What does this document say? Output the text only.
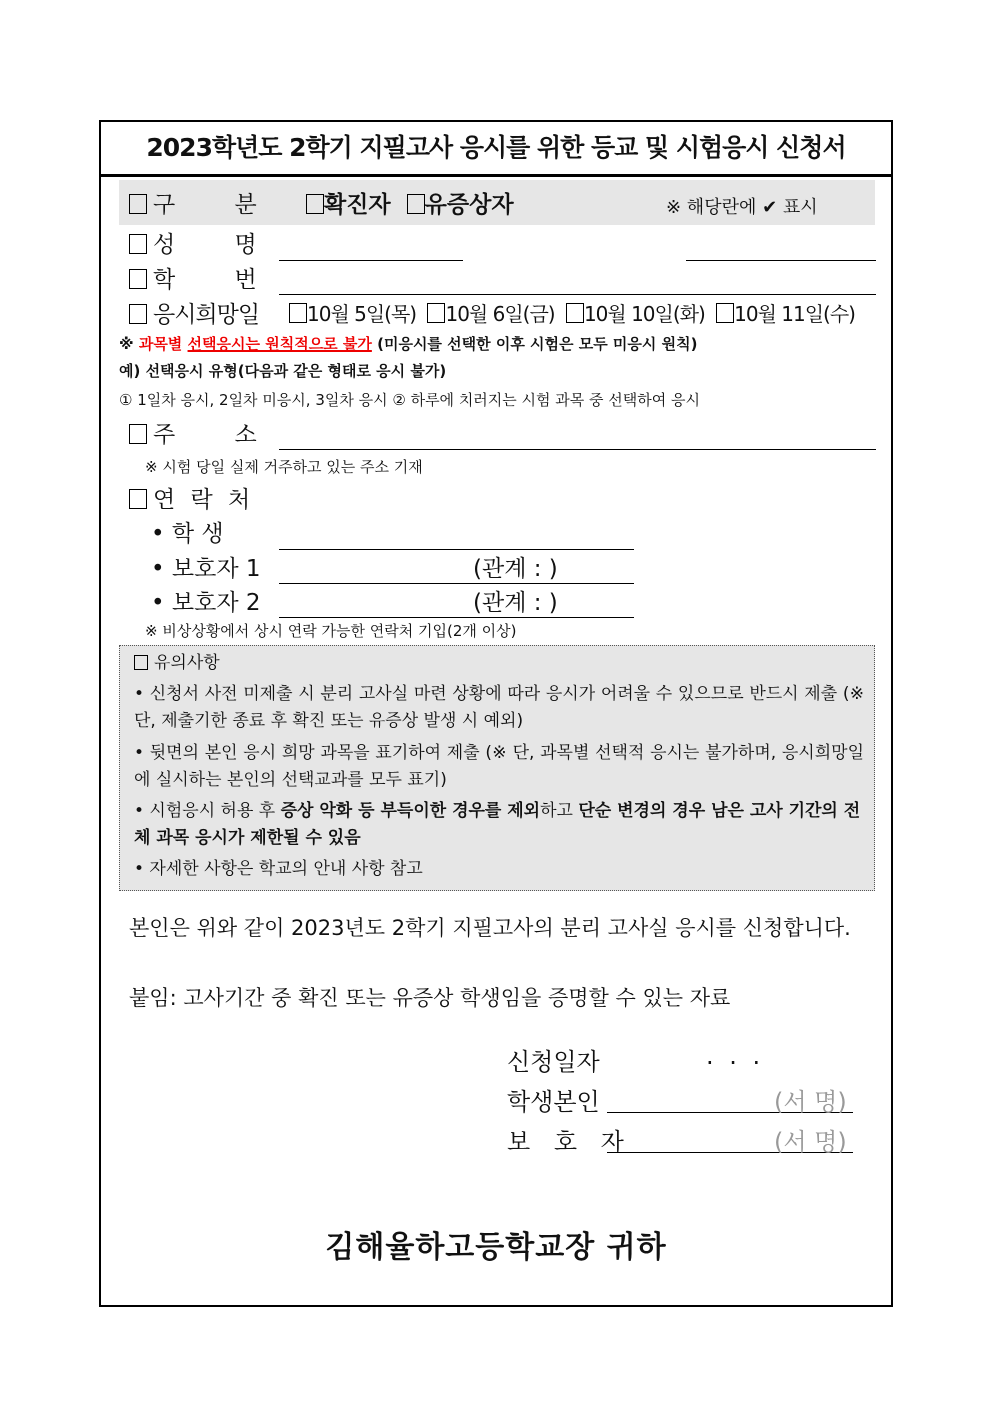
2023학년도 2학기 지필고사 응시를 위한 등교 및 시험응시 신청서
구 분	확진자 유증상자	※ 해당란에 ✔ 표시
성 명
학 번
응시희망일	10월 5일(목) 10월 6일(금) 10월 10일(화) 10월 11일(수)
※ 과목별 선택응시는 원칙적으로 불가 (미응시를 선택한 이후 시험은 모두 미응시 원칙)
예) 선택응시 유형(다음과 같은 형태로 응시 불가)
① 1일차 응시, 2일차 미응시, 3일차 응시 ② 하루에 치러지는 시험 과목 중 선택하여 응시
주 소
※ 시험 당일 실제 거주하고 있는 주소 기재
연 락 처
• 학 생
• 보호자 1	(관계 : )
• 보호자 2	(관계 : )
※ 비상상황에서 상시 연락 가능한 연락처 기입(2개 이상)

유의사항

• 신청서 사전 미제출 시 분리 고사실 마련 상황에 따라 응시가 어려울 수 있으므로 반드시 제출 (※ 단, 제출기한 종료 후 확진 또는 유증상 발생 시 예외)

• 뒷면의 본인 응시 희망 과목을 표기하여 제출 (※ 단, 과목별 선택적 응시는 불가하며, 응시희망일에 실시하는 본인의 선택교과를 모두 표기)

• 시험응시 허용 후 증상 악화 등 부득이한 경우를 제외하고 단순 변경의 경우 남은 고사 기간의 전체 과목 응시가 제한될 수 있음

• 자세한 사항은 학교의 안내 사항 참고

본인은 위와 같이 2023년도 2학기 지필고사의 분리 고사실 응시를 신청합니다.
붙임: 고사기간 중 확진 또는 유증상 학생임을 증명할 수 있는 자료
신청일자	. . .
학생본인	(서 명)
보 호 자	(서 명)
김해율하고등학교장 귀하
